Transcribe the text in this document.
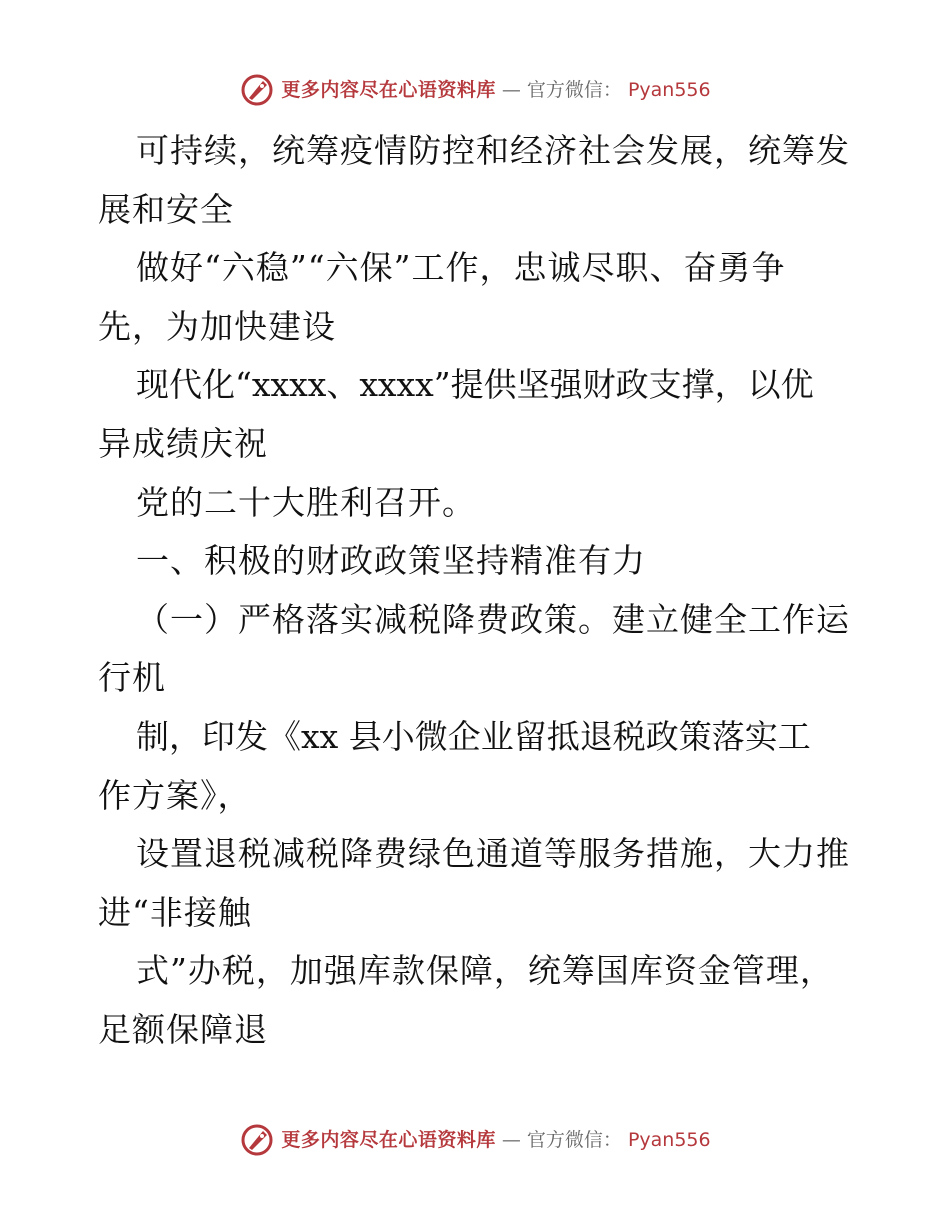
更多内容尽在心语资料库 — 官方微信： Pyan556
可持续，统筹疫情防控和经济社会发展，统筹发
展和安全
做好“六稳”“六保”工作，忠诚尽职、奋勇争
先，为加快建设
现代化“xxxx、xxxx”提供坚强财政支撑，以优
异成绩庆祝
党的二十大胜利召开。
一、积极的财政政策坚持精准有力
（一）严格落实减税降费政策。建立健全工作运
行机
制，印发《xx 县小微企业留抵退税政策落实工
作方案》，
设置退税减税降费绿色通道等服务措施，大力推
进“非接触
式”办税，加强库款保障，统筹国库资金管理，
足额保障退
更多内容尽在心语资料库 — 官方微信： Pyan556
